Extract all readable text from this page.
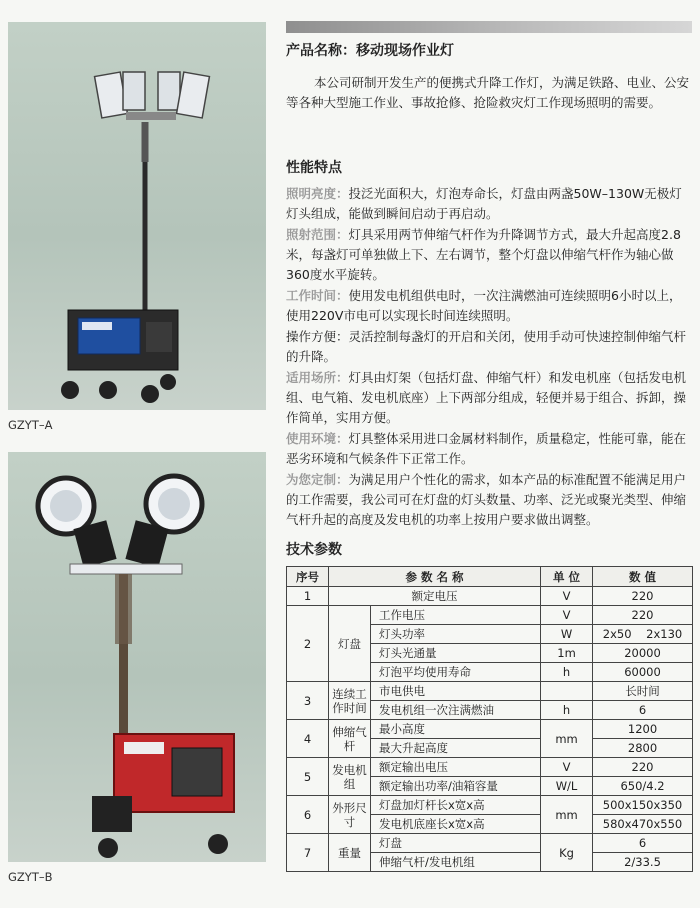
GZYT–A
GZYT–B
产品名称：移动现场作业灯
本公司研制开发生产的便携式升降工作灯，为满足铁路、电业、公安等各种大型施工作业、事故抢修、抢险救灾灯工作现场照明的需要。
性能特点

照明亮度：投泛光面积大，灯泡寿命长，灯盘由两盏50W–130W无极灯灯头组成，能做到瞬间启动于再启动。

照射范围：灯具采用两节伸缩气杆作为升降调节方式，最大升起高度2.8米，每盏灯可单独做上下、左右调节，整个灯盘以伸缩气杆作为轴心做360度水平旋转。

工作时间：使用发电机组供电时，一次注满燃油可连续照明6小时以上，使用220V市电可以实现长时间连续照明。

操作方便：灵活控制每盏灯的开启和关闭，使用手动可快速控制伸缩气杆的升降。

适用场所：灯具由灯架（包括灯盘、伸缩气杆）和发电机座（包括发电机组、电气箱、发电机底座）上下两部分组成，轻便并易于组合、拆卸，操作简单，实用方便。

使用环境：灯具整体采用进口金属材料制作，质量稳定，性能可靠，能在恶劣环境和气候条件下正常工作。

为您定制：为满足用户个性化的需求，如本产品的标准配置不能满足用户的工作需要，我公司可在灯盘的灯头数量、功率、泛光或聚光类型、伸缩气杆升起的高度及发电机的功率上按用户要求做出调整。

技术参数
序号	参 数 名 称		单 位	数 值
1	额定电压		V	220
2	灯盘	工作电压	V	220
		灯头功率	W	2x50    2x130
		灯头光通量	1m	20000
		灯泡平均使用寿命	h	60000
3	连续工作时间	市电供电		长时间
		发电机组一次注满燃油	h	6
4	伸缩气杆	最小高度	mm	1200
		最大升起高度		2800
5	发电机组	额定输出电压	V	220
		额定输出功率/油箱容量	W/L	650/4.2
6	外形尺寸	灯盘加灯杆长x宽x高	mm	500x150x350
		发电机底座长x宽x高		580x470x550
7	重量	灯盘	Kg	6
		伸缩气杆/发电机组		2/33.5
